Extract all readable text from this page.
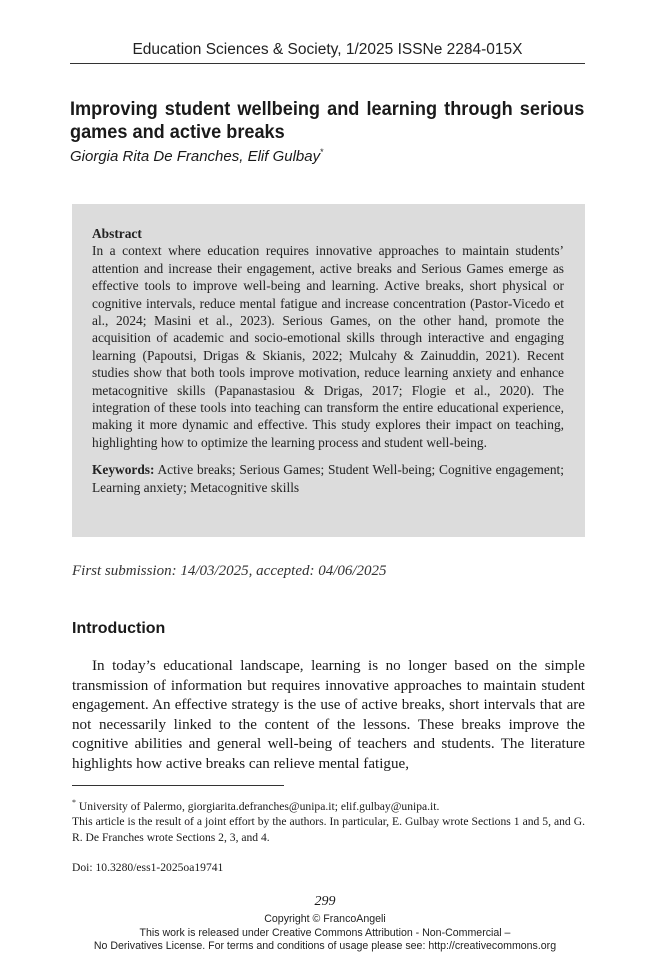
Education Sciences & Society, 1/2025 ISSNe 2284-015X
Improving student wellbeing and learning through serious games and active breaks
Giorgia Rita De Franches, Elif Gulbay*
Abstract
In a context where education requires innovative approaches to maintain students’ attention and increase their engagement, active breaks and Serious Games emerge as effective tools to improve well-being and learning. Active breaks, short physical or cognitive intervals, reduce mental fatigue and increase concentration (Pastor-Vicedo et al., 2024; Masini et al., 2023). Serious Games, on the other hand, promote the acquisition of academic and socio-emotional skills through interactive and engaging learning (Papoutsi, Drigas & Skianis, 2022; Mulcahy & Zainuddin, 2021). Recent studies show that both tools improve motivation, reduce learning anxiety and enhance metacognitive skills (Papanastasiou & Drigas, 2017; Flogie et al., 2020). The integration of these tools into teaching can transform the entire educational experience, making it more dynamic and effective. This study explores their impact on teaching, highlighting how to optimize the learning process and student well-being.
Keywords: Active breaks; Serious Games; Student Well-being; Cognitive engagement; Learning anxiety; Metacognitive skills
First submission: 14/03/2025, accepted: 04/06/2025
Introduction

In today’s educational landscape, learning is no longer based on the simple transmission of information but requires innovative approaches to maintain student engagement. An effective strategy is the use of active breaks, short intervals that are not necessarily linked to the content of the lessons. These breaks improve the cognitive abilities and general well-being of teachers and students. The literature highlights how active breaks can relieve mental fatigue,

* University of Palermo, giorgiarita.defranches@unipa.it; elif.gulbay@unipa.it.

This article is the result of a joint effort by the authors. In particular, E. Gulbay wrote Sections 1 and 5, and G. R. De Franches wrote Sections 2, 3, and 4.

Doi: 10.3280/ess1-2025oa19741
299
Copyright © FrancoAngeli
This work is released under Creative Commons Attribution - Non-Commercial –
No Derivatives License. For terms and conditions of usage please see: http://creativecommons.org
